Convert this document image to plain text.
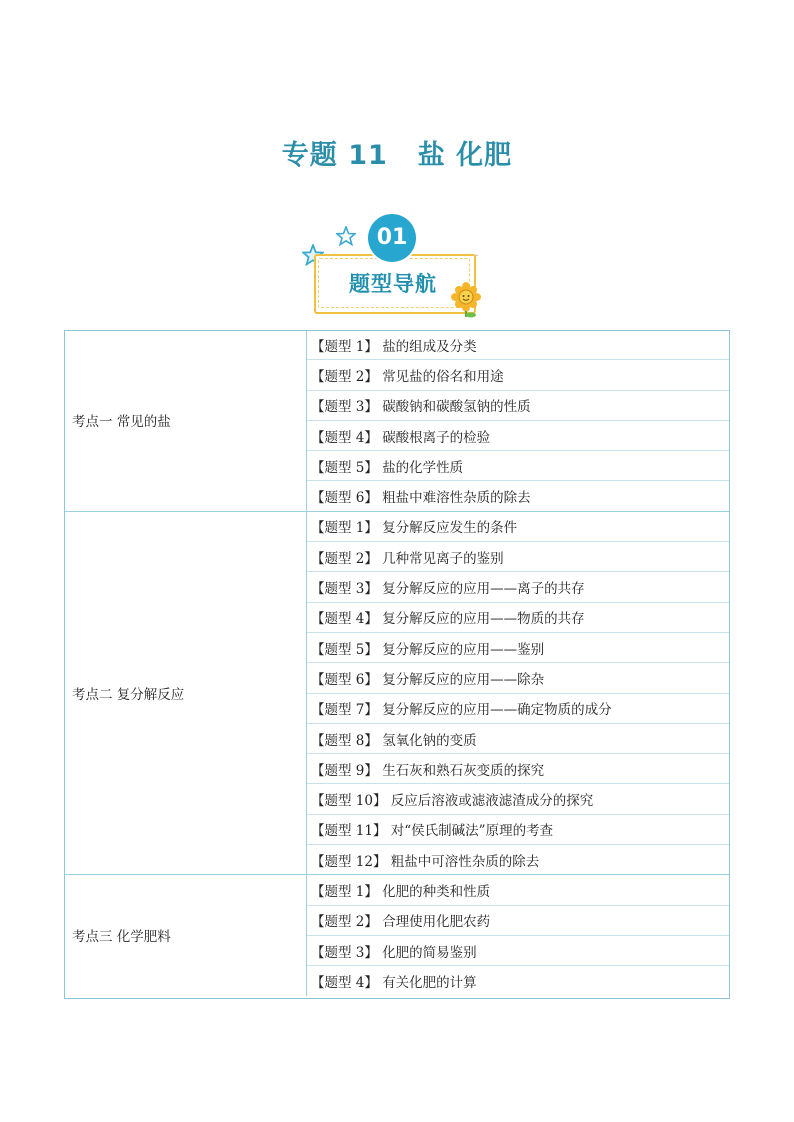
专题 11 盐 化肥
题型导航
01
考点一 常见的盐	【题型 1】 盐的组成及分类
	【题型 2】 常见盐的俗名和用途
	【题型 3】 碳酸钠和碳酸氢钠的性质
	【题型 4】 碳酸根离子的检验
	【题型 5】 盐的化学性质
	【题型 6】 粗盐中难溶性杂质的除去
考点二 复分解反应	【题型 1】 复分解反应发生的条件
	【题型 2】 几种常见离子的鉴别
	【题型 3】 复分解反应的应用——离子的共存
	【题型 4】 复分解反应的应用——物质的共存
	【题型 5】 复分解反应的应用——鉴别
	【题型 6】 复分解反应的应用——除杂
	【题型 7】 复分解反应的应用——确定物质的成分
	【题型 8】 氢氧化钠的变质
	【题型 9】 生石灰和熟石灰变质的探究
	【题型 10】 反应后溶液或滤液滤渣成分的探究
	【题型 11】 对“侯氏制碱法”原理的考查
	【题型 12】 粗盐中可溶性杂质的除去
考点三 化学肥料	【题型 1】 化肥的种类和性质
	【题型 2】 合理使用化肥农药
	【题型 3】 化肥的简易鉴别
	【题型 4】 有关化肥的计算
